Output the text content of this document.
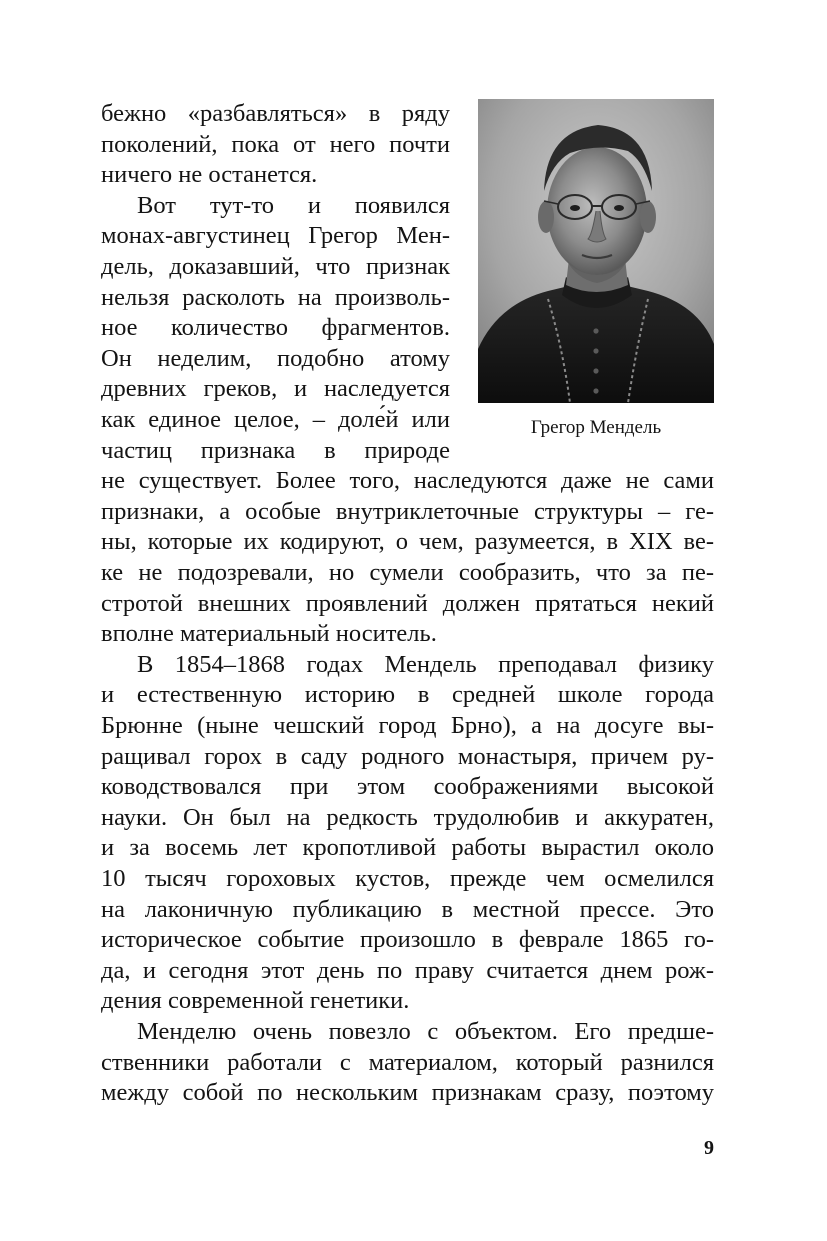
бежно «разбавляться» в ряду
поколений, пока от него почти
ничего не останется.
Вот тут-то и появился
монах-августинец Грегор Мен-
дель, доказавший, что признак
нельзя расколоть на произволь-
ное количество фрагментов.
Он неделим, подобно атому
древних греков, и наследуется
как единое целое, – доле́й или
частиц признака в природе
не существует. Более того, наследуются даже не сами
признаки, а особые внутриклеточные структуры – ге-
ны, которые их кодируют, о чем, разумеется, в XIX ве-
ке не подозревали, но сумели сообразить, что за пе-
стротой внешних проявлений должен прятаться некий
вполне материальный носитель.
В 1854–1868 годах Мендель преподавал физику
и естественную историю в средней школе города
Брюнне (ныне чешский город Брно), а на досуге вы-
ращивал горох в саду родного монастыря, причем ру-
ководствовался при этом соображениями высокой
науки. Он был на редкость трудолюбив и аккуратен,
и за восемь лет кропотливой работы вырастил около
10 тысяч гороховых кустов, прежде чем осмелился
на лаконичную публикацию в местной прессе. Это
историческое событие произошло в феврале 1865 го-
да, и сегодня этот день по праву считается днем рож-
дения современной генетики.
Менделю очень повезло с объектом. Его предше-
ственники работали с материалом, который разнился
между собой по нескольким признакам сразу, поэтому
Грегор Мендель
9
